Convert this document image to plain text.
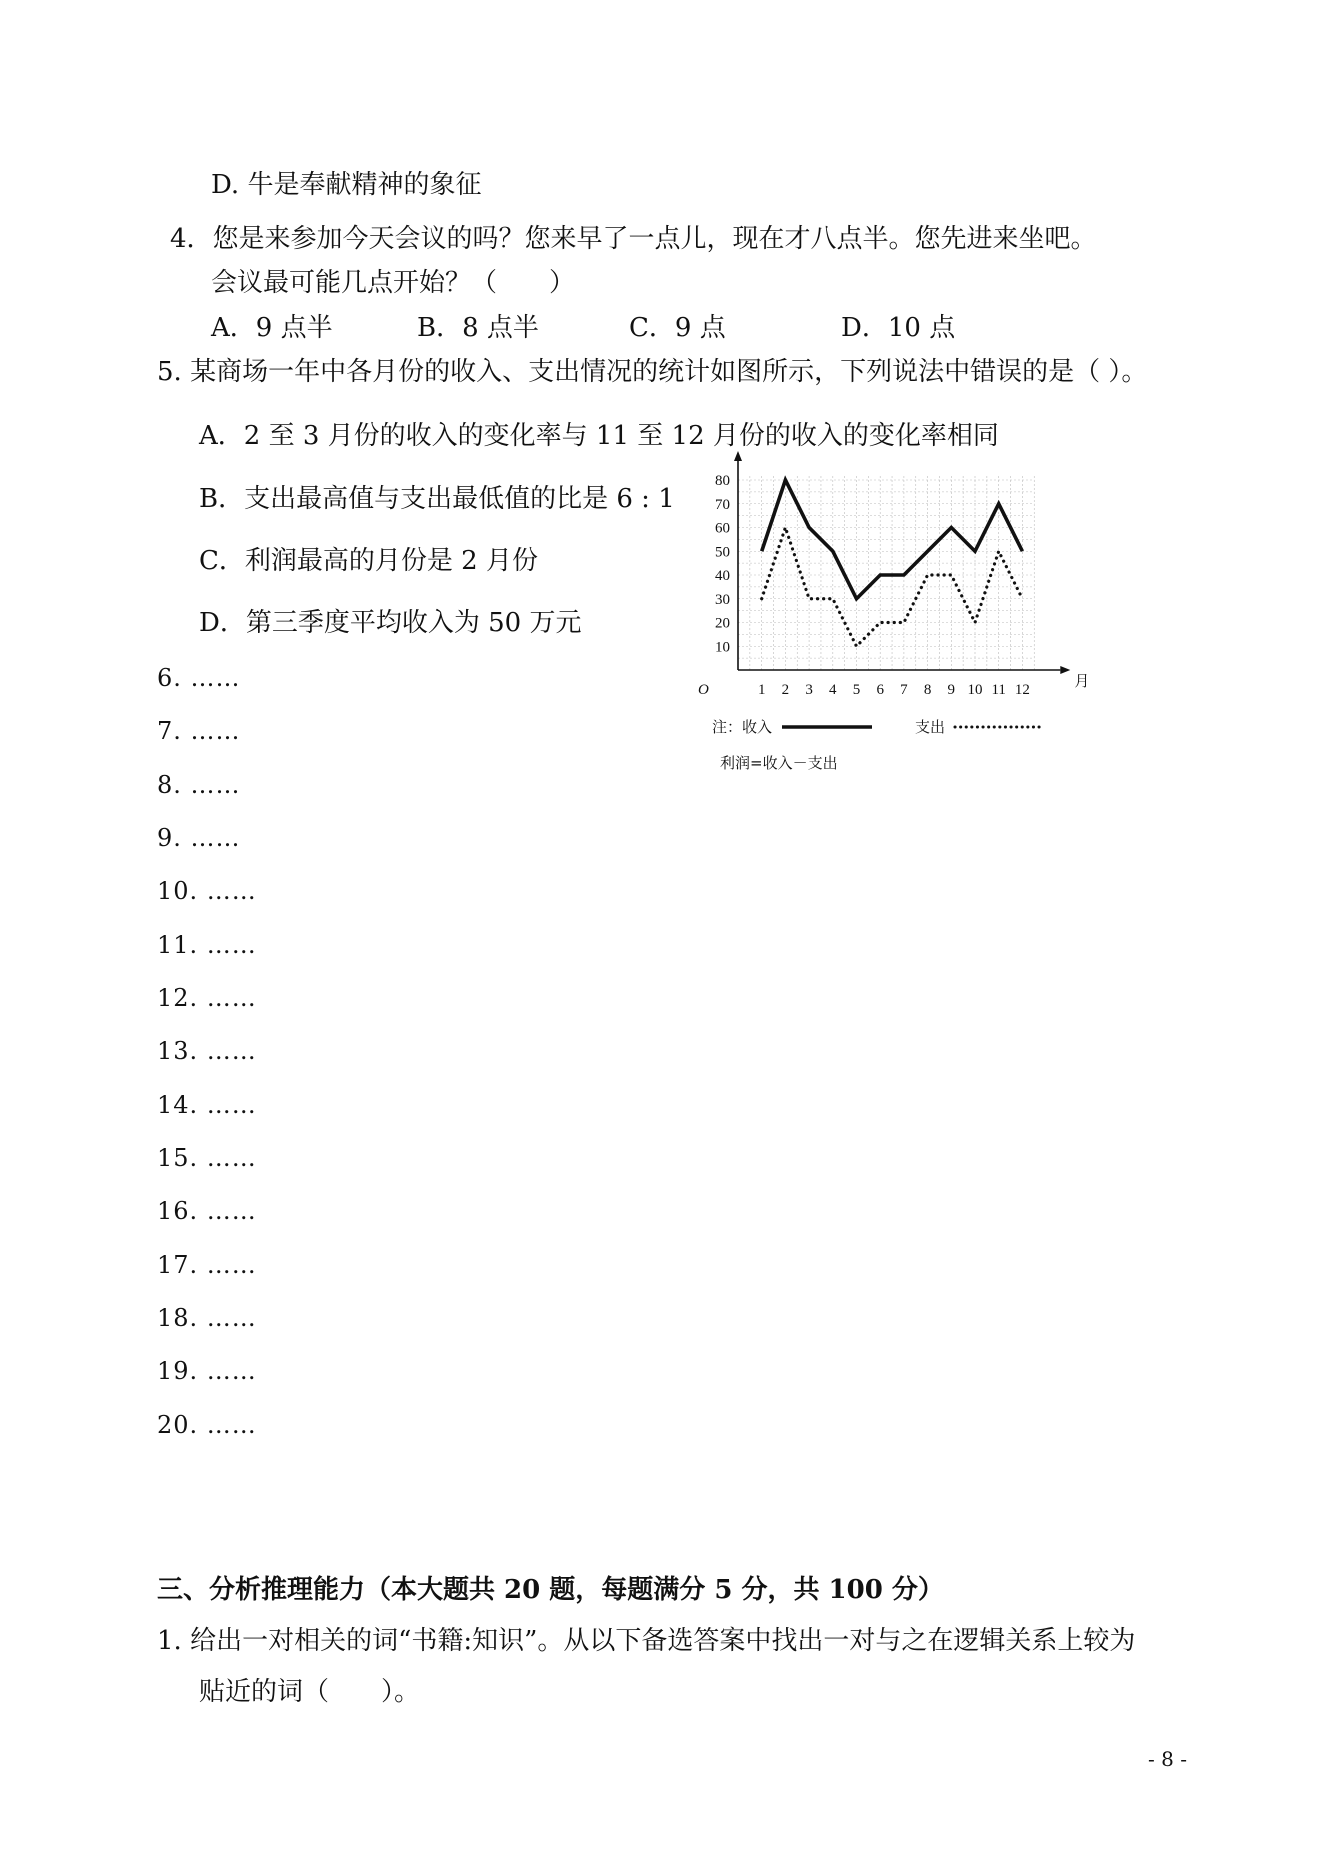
D. 牛是奉献精神的象征
4．您是来参加今天会议的吗？您来早了一点儿，现在才八点半。您先进来坐吧。
会议最可能几点开始？（　　）
A．9 点半	B．8 点半	C．9 点	D．10 点
5. 某商场一年中各月份的收入、支出情况的统计如图所示，下列说法中错误的是（ ）。
A．2 至 3 月份的收入的变化率与 11 至 12 月份的收入的变化率相同
B．支出最高值与支出最低值的比是 6 : 1
C．利润最高的月份是 2 月份
D．第三季度平均收入为 50 万元
6. ……
7. ……
8. ……
9. ……
10. ……
11. ……
12. ……
13. ……
14. ……
15. ……
16. ……
17. ……
18. ……
19. ……
20. ……
三、分析推理能力（本大题共 20 题，每题满分 5 分，共 100 分）
1. 给出一对相关的词“书籍:知识”。从以下备选答案中找出一对与之在逻辑关系上较为
贴近的词（　　）。
- 8 -
10
20
30
40
50
60
70
80
1 2 3 4 5 6 7 8 9 10 11 12
O	月
注：收入	支出
利润=收入－支出
